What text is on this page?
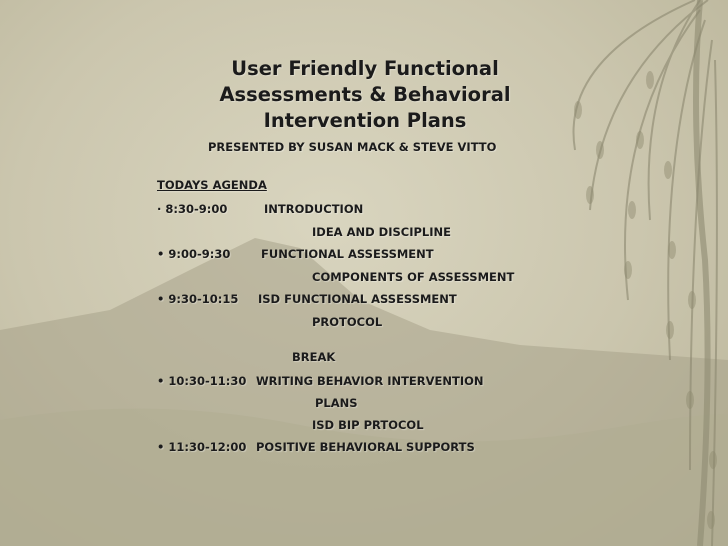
User Friendly Functional
Assessments & Behavioral
Intervention Plans
PRESENTED BY SUSAN MACK & STEVE VITTO
TODAYS AGENDA
· 8:30-9:00	INTRODUCTION
IDEA AND DISCIPLINE
• 9:00-9:30	FUNCTIONAL ASSESSMENT
COMPONENTS OF ASSESSMENT
• 9:30-10:15 ISD FUNCTIONAL ASSESSMENT
PROTOCOL
BREAK
• 10:30-11:30 WRITING BEHAVIOR INTERVENTION
PLANS
ISD BIP PRTOCOL
• 11:30-12:00 POSITIVE BEHAVIORAL SUPPORTS
